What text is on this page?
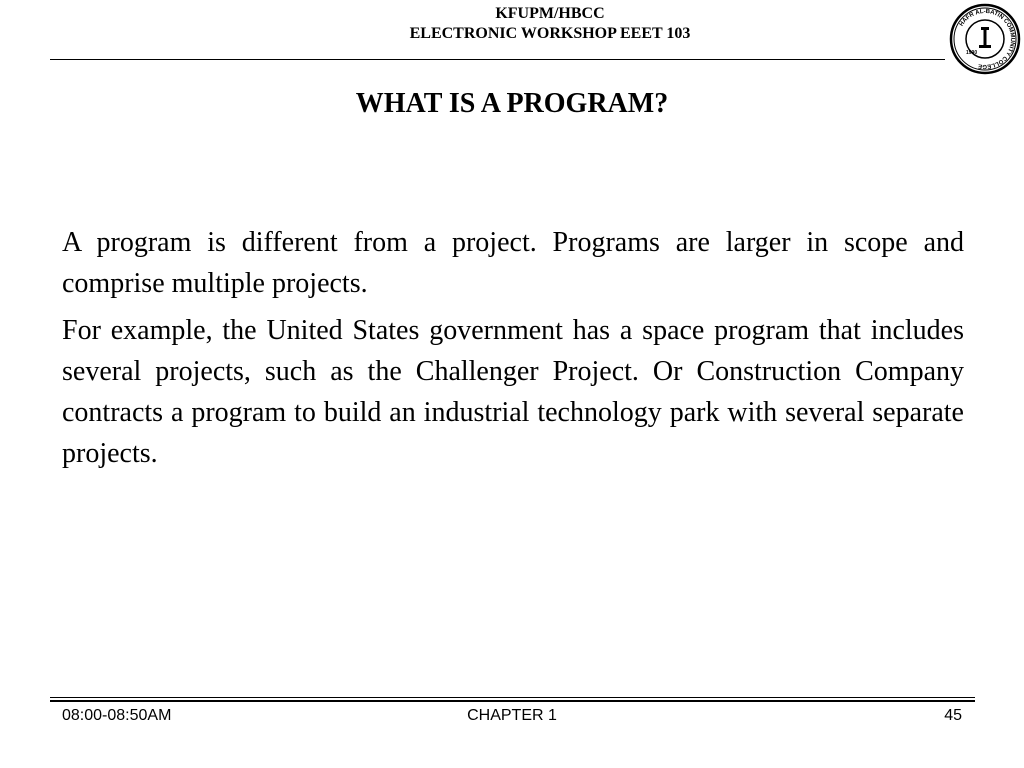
KFUPM/HBCC
ELECTRONIC WORKSHOP EEET 103
HAFR AL-BATIN COMMUNITY COLLEGE
1990
WHAT IS A PROGRAM?

A program is different from a project. Programs are larger in scope and comprise multiple projects.

For example, the United States government has a space program that includes several projects, such as the Challenger Project. Or Construction Company contracts a program to build an industrial technology park with several separate projects.

08:00-08:50AM	CHAPTER 1	45
